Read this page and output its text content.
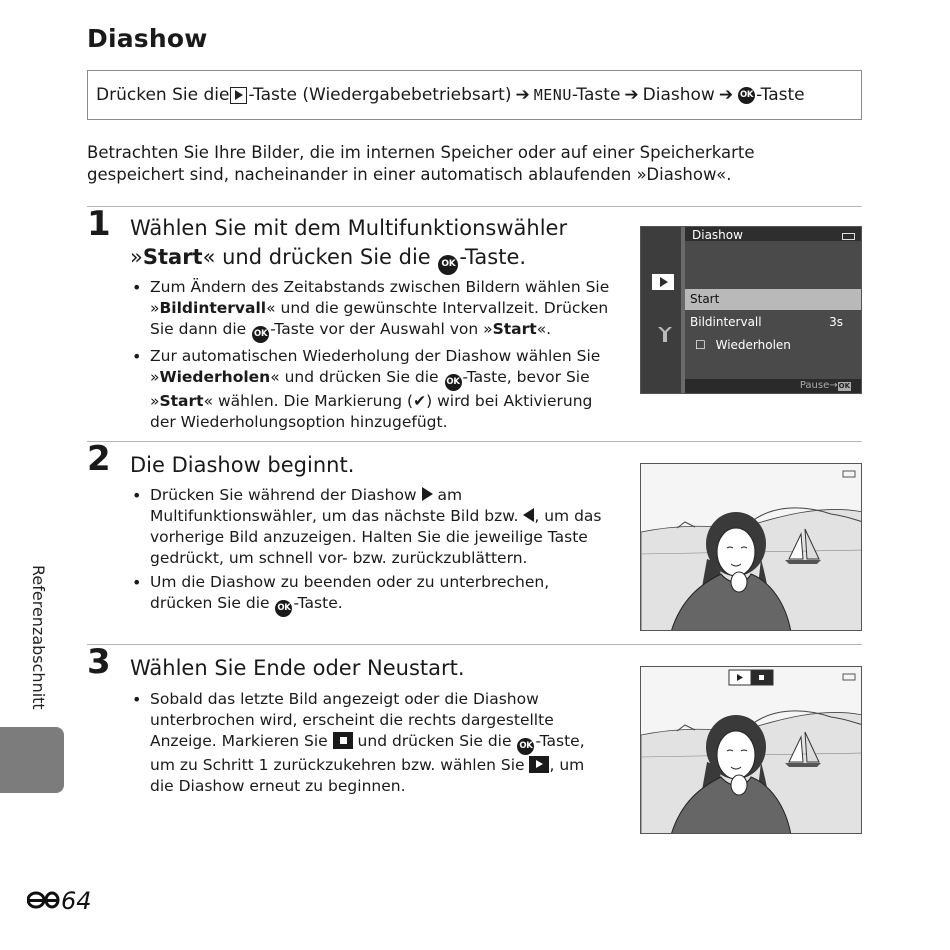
Diashow
Drücken Sie die -Taste (Wiedergabebetriebsart) ➔ MENU -Taste ➔ Diashow ➔ OK -Taste
Betrachten Sie Ihre Bilder, die im internen Speicher oder auf einer Speicherkarte gespeichert sind, nacheinander in einer automatisch ablaufenden »Diashow«.
1 Wählen Sie mit dem Multifunktionswähler »Start« und drücken Sie die OK -Taste.
• Zum Ändern des Zeitabstands zwischen Bildern wählen Sie »Bildintervall« und die gewünschte Intervallzeit. Drücken Sie dann die OK -Taste vor der Auswahl von »Start«.
• Zur automatischen Wiederholung der Diashow wählen Sie »Wiederholen« und drücken Sie die OK -Taste, bevor Sie »Start« wählen. Die Markierung (✔) wird bei Aktivierung der Wiederholungsoption hinzugefügt.
Diashow
Start
Bildintervall	3s
☐ Wiederholen
Pause→OK
2 Die Diashow beginnt.
• Drücken Sie während der Diashow  am Multifunktionswähler, um das nächste Bild bzw. , um das vorherige Bild anzuzeigen. Halten Sie die jeweilige Taste gedrückt, um schnell vor- bzw. zurückzublättern.
• Um die Diashow zu beenden oder zu unterbrechen, drücken Sie die OK -Taste.
3 Wählen Sie Ende oder Neustart.
• Sobald das letzte Bild angezeigt oder die Diashow unterbrochen wird, erscheint die rechts dargestellte Anzeige. Markieren Sie  und drücken Sie die OK -Taste, um zu Schritt 1 zurückzukehren bzw. wählen Sie , um die Diashow erneut zu beginnen.
Referenzabschnitt
64
